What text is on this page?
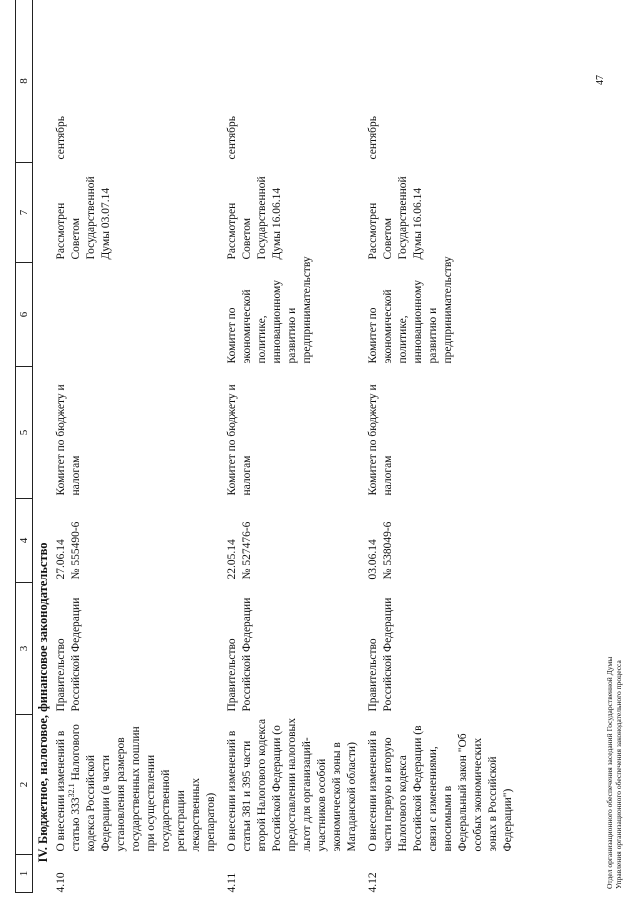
1	2	3	4	5	6	7	8
IV. Бюджетное, налоговое, финансовое законодательство							
4.10	О внесении изменений в статью $333^{32.1}$ Налогового кодекса Российской Федерации (в части установления размеров государственных пошлин при осуществлении государственной регистрации лекарственных препаратов)	Правительство Российской Федерации	27.06.14 № 555490-6	Комитет по бюджету и налогам		Рассмотрен Советом Государственной Думы 03.07.14	сентябрь
4.11	О внесении изменений в статьи 381 и 395 части второй Налогового кодекса Российской Федерации (о предоставлении налоговых льгот для организаций-участников особой экономической зоны в Магаданской области)	Правительство Российской Федерации	22.05.14 № 527476-6	Комитет по бюджету и налогам	Комитет по экономической политике, инновационному развитию и предпринимательству	Рассмотрен Советом Государственной Думы 16.06.14	сентябрь
4.12	О внесении изменений в части первую и вторую Налогового кодекса Российской Федерации (в связи с изменениями, вносимыми в Федеральный закон "Об особых экономических зонах в Российской Федерации")	Правительство Российской Федерации	03.06.14 № 538049-6	Комитет по бюджету и налогам	Комитет по экономической политике, инновационному развитию и предпринимательству	Рассмотрен Советом Государственной Думы 16.06.14	сентябрь
Отдел организационного обеспечения заседаний Государственной Думы Управления организационного обеспечения законодательного процесса
47
